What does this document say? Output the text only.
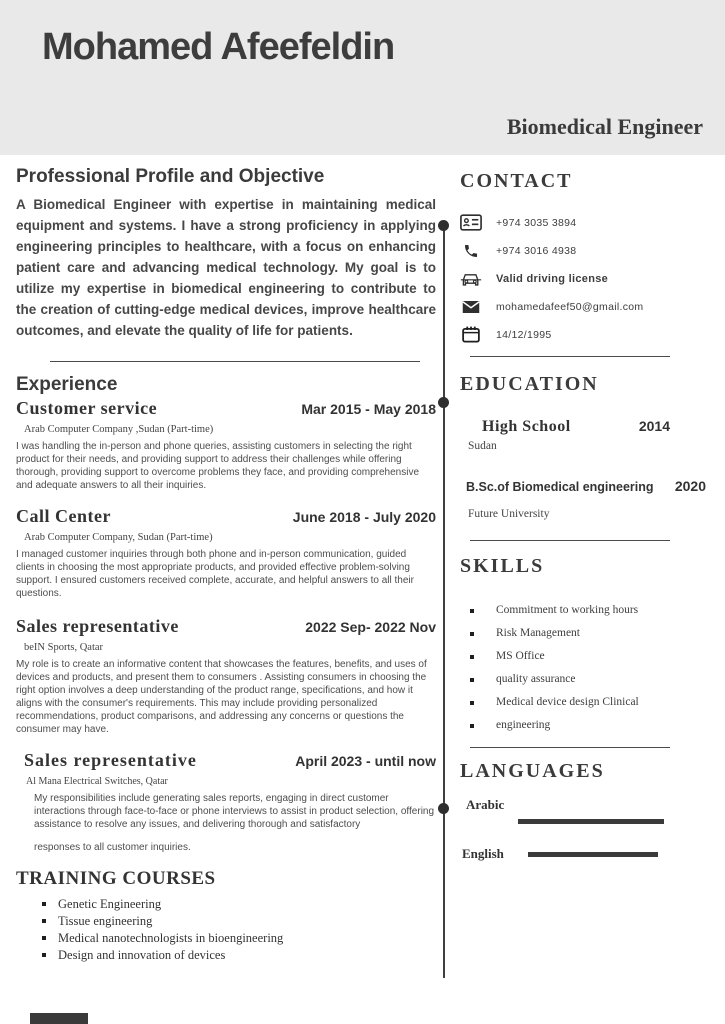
Mohamed Afeefeldin
Biomedical Engineer
Professional Profile and Objective

A Biomedical Engineer with expertise in maintaining medical equipment and systems. I have a strong proficiency in applying engineering principles to healthcare, with a focus on enhancing patient care and advancing medical technology. My goal is to utilize my expertise in biomedical engineering to contribute to the creation of cutting-edge medical devices, improve healthcare outcomes, and elevate the quality of life for patients.

Experience
Customer service	Mar 2015 - May 2018
Arab Computer Company ,Sudan (Part-time)

I was handling the in-person and phone queries, assisting customers in selecting the right product for their needs, and providing support to address their challenges while offering thorough, providing support to overcome problems they face, and providing comprehensive and adequate answers to all their inquiries.

Call Center	June 2018 - July 2020
Arab Computer Company, Sudan (Part-time)

I managed customer inquiries through both phone and in-person communication, guided clients in choosing the most appropriate products, and provided effective problem-solving support. I ensured customers received complete, accurate, and helpful answers to all their questions.

Sales representative	2022 Sep- 2022 Nov
beIN Sports, Qatar

My role is to create an informative content that showcases the features, benefits, and uses of devices and products, and present them to consumers . Assisting consumers in choosing the right option involves a deep understanding of the product range, specifications, and how it aligns with the consumer's requirements. This may include providing personalized recommendations, product comparisons, and addressing any concerns or questions the consumer may have.

Sales representative	April 2023 - until now
Al Mana Electrical Switches, Qatar

My responsibilities include generating sales reports, engaging in direct customer interactions through face-to-face or phone interviews to assist in product selection, offering assistance to resolve any issues, and delivering thorough and satisfactory

responses to all customer inquiries.

TRAINING COURSES
Genetic Engineering
Tissue engineering
Medical nanotechnologists in bioengineering
Design and innovation of devices
CONTACT
+974 3035 3894
+974 3016 4938
Valid driving license
mohamedafeef50@gmail.com
14/12/1995
EDUCATION
High School	2014
Sudan
B.Sc.of Biomedical engineering 2020
Future University
SKILLS
Commitment to working hours
Risk Management
MS Office
quality assurance
Medical device design Clinical
engineering
LANGUAGES
Arabic
English
